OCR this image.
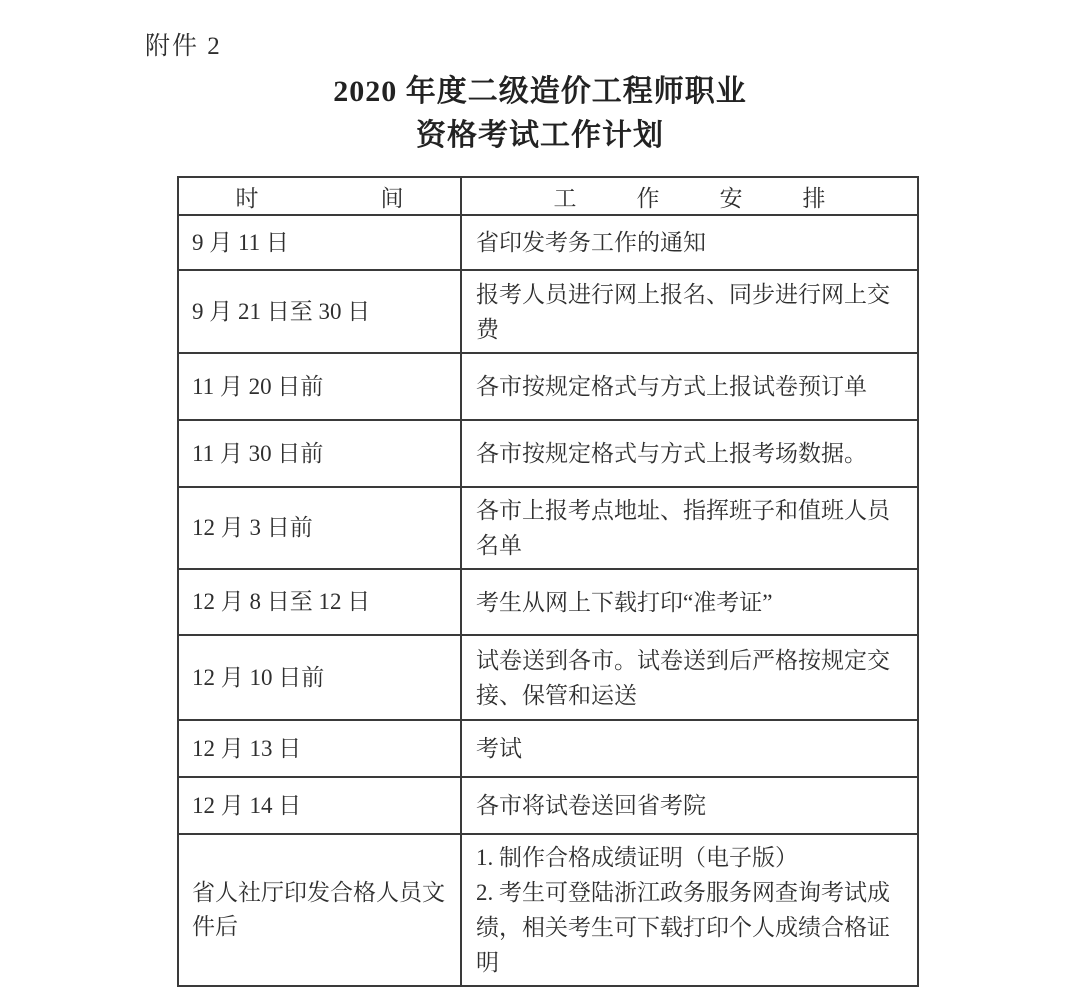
附件 2
2020 年度二级造价工程师职业
资格考试工作计划
时间	工作安排

9 月 11 日	省印发考务工作的通知
9 月 21 日至 30 日	报考人员进行网上报名、同步进行网上交费
11 月 20 日前	各市按规定格式与方式上报试卷预订单
11 月 30 日前	各市按规定格式与方式上报考场数据。
12 月 3 日前	各市上报考点地址、指挥班子和值班人员名单
12 月 8 日至 12 日	考生从网上下载打印“准考证”
12 月 10 日前	试卷送到各市。试卷送到后严格按规定交接、保管和运送
12 月 13 日	考试
12 月 14 日	各市将试卷送回省考院
省人社厅印发合格人员文件后	1. 制作合格成绩证明（电子版）
2. 考生可登陆浙江政务服务网查询考试成绩，相关考生可下载打印个人成绩合格证明
